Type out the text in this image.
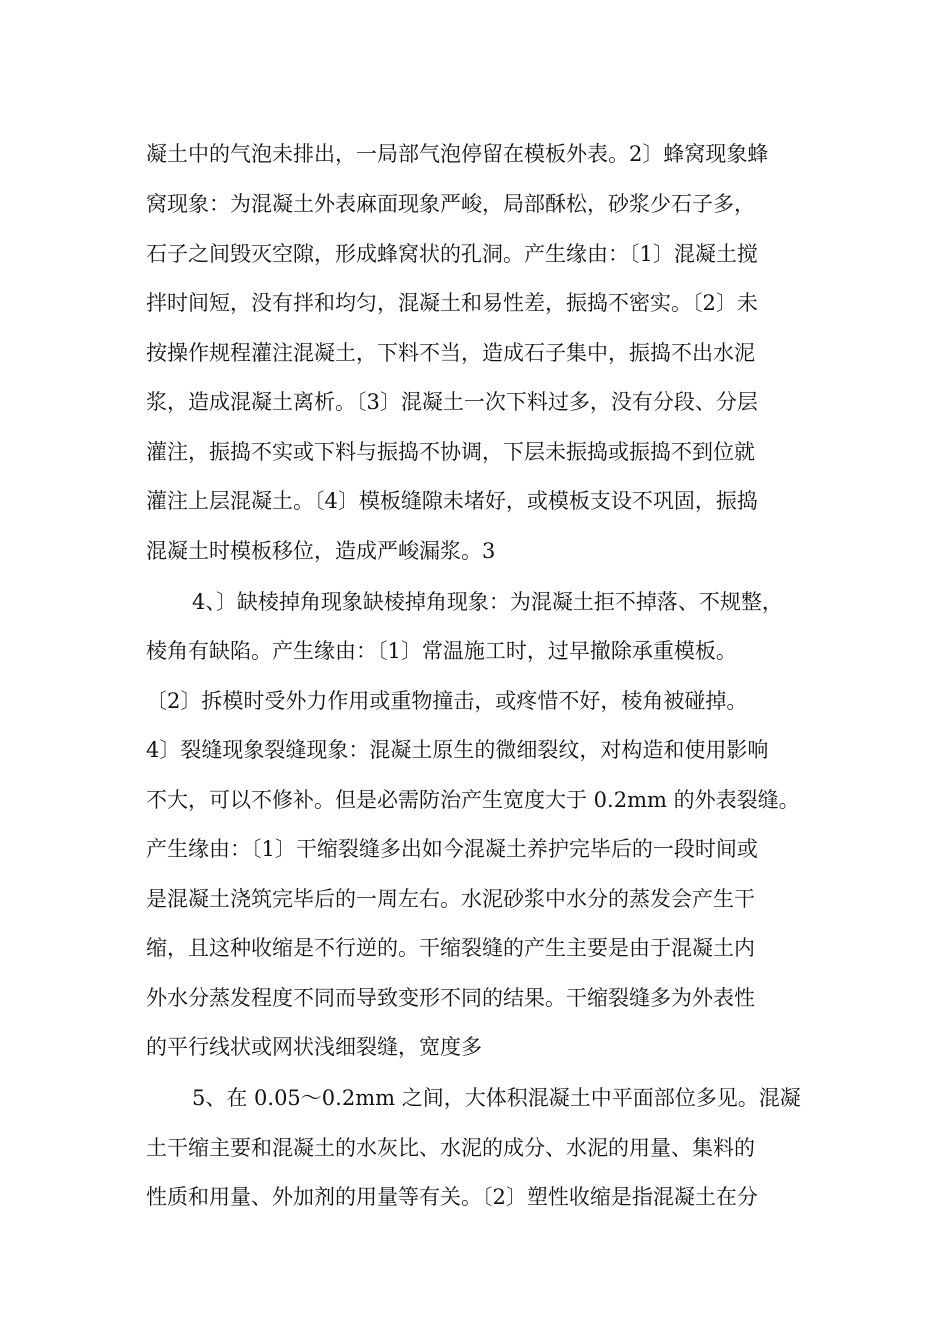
凝土中的气泡未排出，一局部气泡停留在模板外表。2〕蜂窝现象蜂

窝现象：为混凝土外表麻面现象严峻，局部酥松，砂浆少石子多，

石子之间毁灭空隙，形成蜂窝状的孔洞。产生缘由：〔1〕混凝土搅

拌时间短，没有拌和均匀，混凝土和易性差，振捣不密实。〔2〕未

按操作规程灌注混凝土，下料不当，造成石子集中，振捣不出水泥

浆，造成混凝土离析。〔3〕混凝土一次下料过多，没有分段、分层

灌注，振捣不实或下料与振捣不协调，下层未振捣或振捣不到位就

灌注上层混凝土。〔4〕模板缝隙未堵好，或模板支设不巩固，振捣

混凝土时模板移位，造成严峻漏浆。3

4、〕缺棱掉角现象缺棱掉角现象：为混凝土拒不掉落、不规整，

棱角有缺陷。产生缘由：〔1〕常温施工时，过早撤除承重模板。

〔2〕拆模时受外力作用或重物撞击，或疼惜不好，棱角被碰掉。

4〕裂缝现象裂缝现象：混凝土原生的微细裂纹，对构造和使用影响

不大，可以不修补。但是必需防治产生宽度大于 0.2mm 的外表裂缝。

产生缘由：〔1〕干缩裂缝多出如今混凝土养护完毕后的一段时间或

是混凝土浇筑完毕后的一周左右。水泥砂浆中水分的蒸发会产生干

缩，且这种收缩是不行逆的。干缩裂缝的产生主要是由于混凝土内

外水分蒸发程度不同而导致变形不同的结果。干缩裂缝多为外表性

的平行线状或网状浅细裂缝，宽度多

5、在 0.05～0.2mm 之间，大体积混凝土中平面部位多见。混凝

土干缩主要和混凝土的水灰比、水泥的成分、水泥的用量、集料的

性质和用量、外加剂的用量等有关。〔2〕塑性收缩是指混凝土在分
